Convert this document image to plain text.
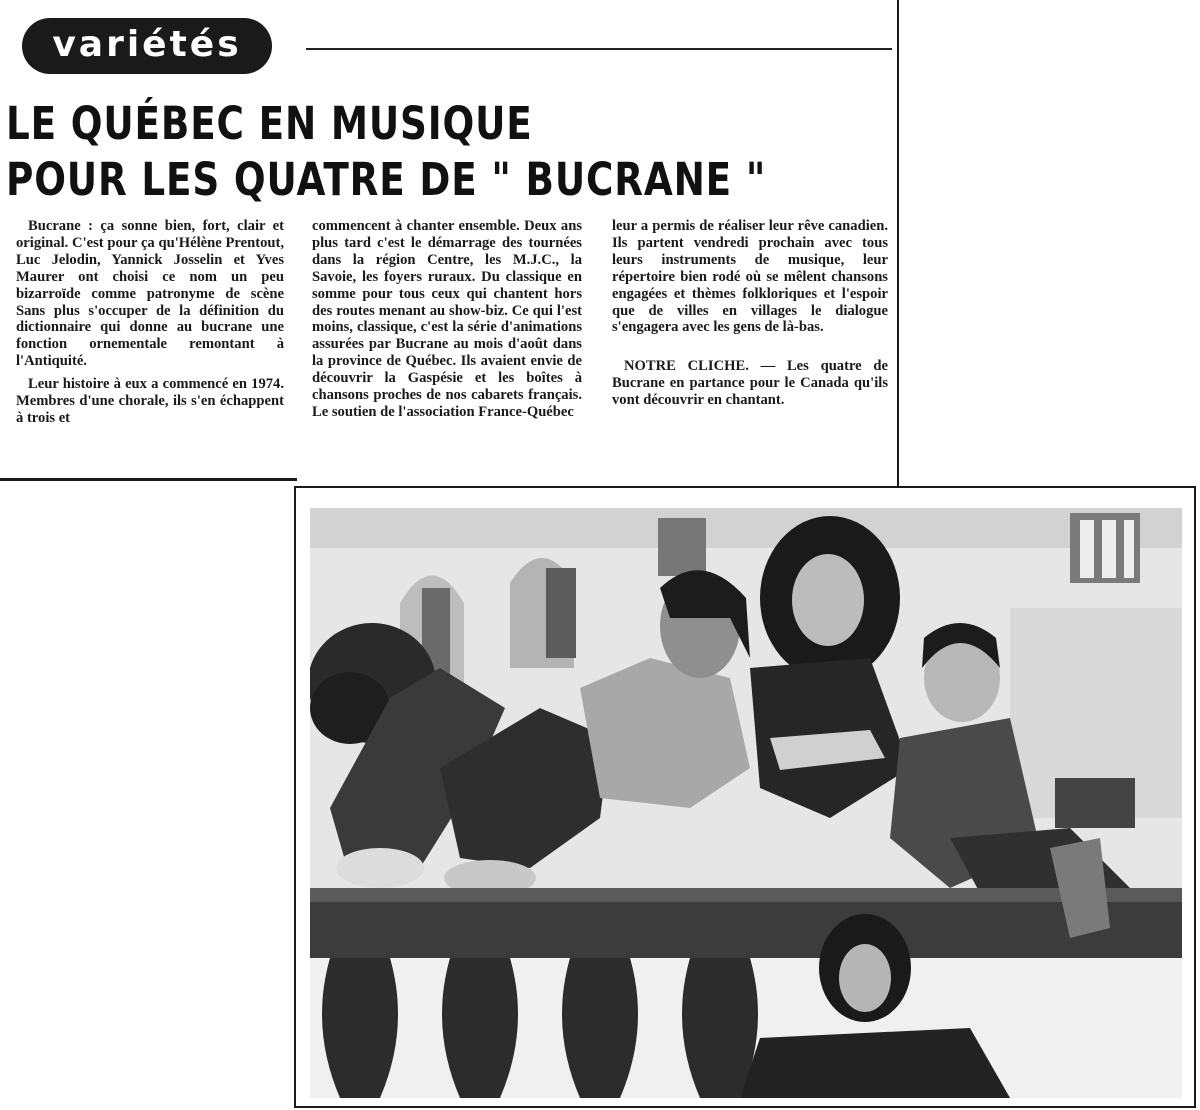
variétés
LE QUÉBEC EN MUSIQUE
POUR LES QUATRE DE " BUCRANE "

Bucrane : ça sonne bien, fort, clair et original. C'est pour ça qu'Hélène Prentout, Luc Jelodin, Yannick Josselin et Yves Maurer ont choisi ce nom un peu bizarroïde comme patronyme de scène Sans plus s'occuper de la définition du dictionnaire qui donne au bucrane une fonction ornementale remontant à l'Antiquité.

Leur histoire à eux a commencé en 1974. Membres d'une chorale, ils s'en échappent à trois et

commencent à chanter ensemble. Deux ans plus tard c'est le démarrage des tournées dans la région Centre, les M.J.C., la Savoie, les foyers ruraux. Du classique en somme pour tous ceux qui chantent hors des routes menant au show-biz. Ce qui l'est moins, classique, c'est la série d'animations assurées par Bucrane au mois d'août dans la province de Québec. Ils avaient envie de découvrir la Gaspésie et les boîtes à chansons proches de nos cabarets français. Le soutien de l'association France-Québec

leur a permis de réaliser leur rêve canadien. Ils partent vendredi prochain avec tous leurs instruments de musique, leur répertoire bien rodé où se mêlent chansons engagées et thèmes folkloriques et l'espoir que de villes en villages le dialogue s'engagera avec les gens de là-bas.

NOTRE CLICHE. — Les quatre de Bucrane en partance pour le Canada qu'ils vont découvrir en chantant.
